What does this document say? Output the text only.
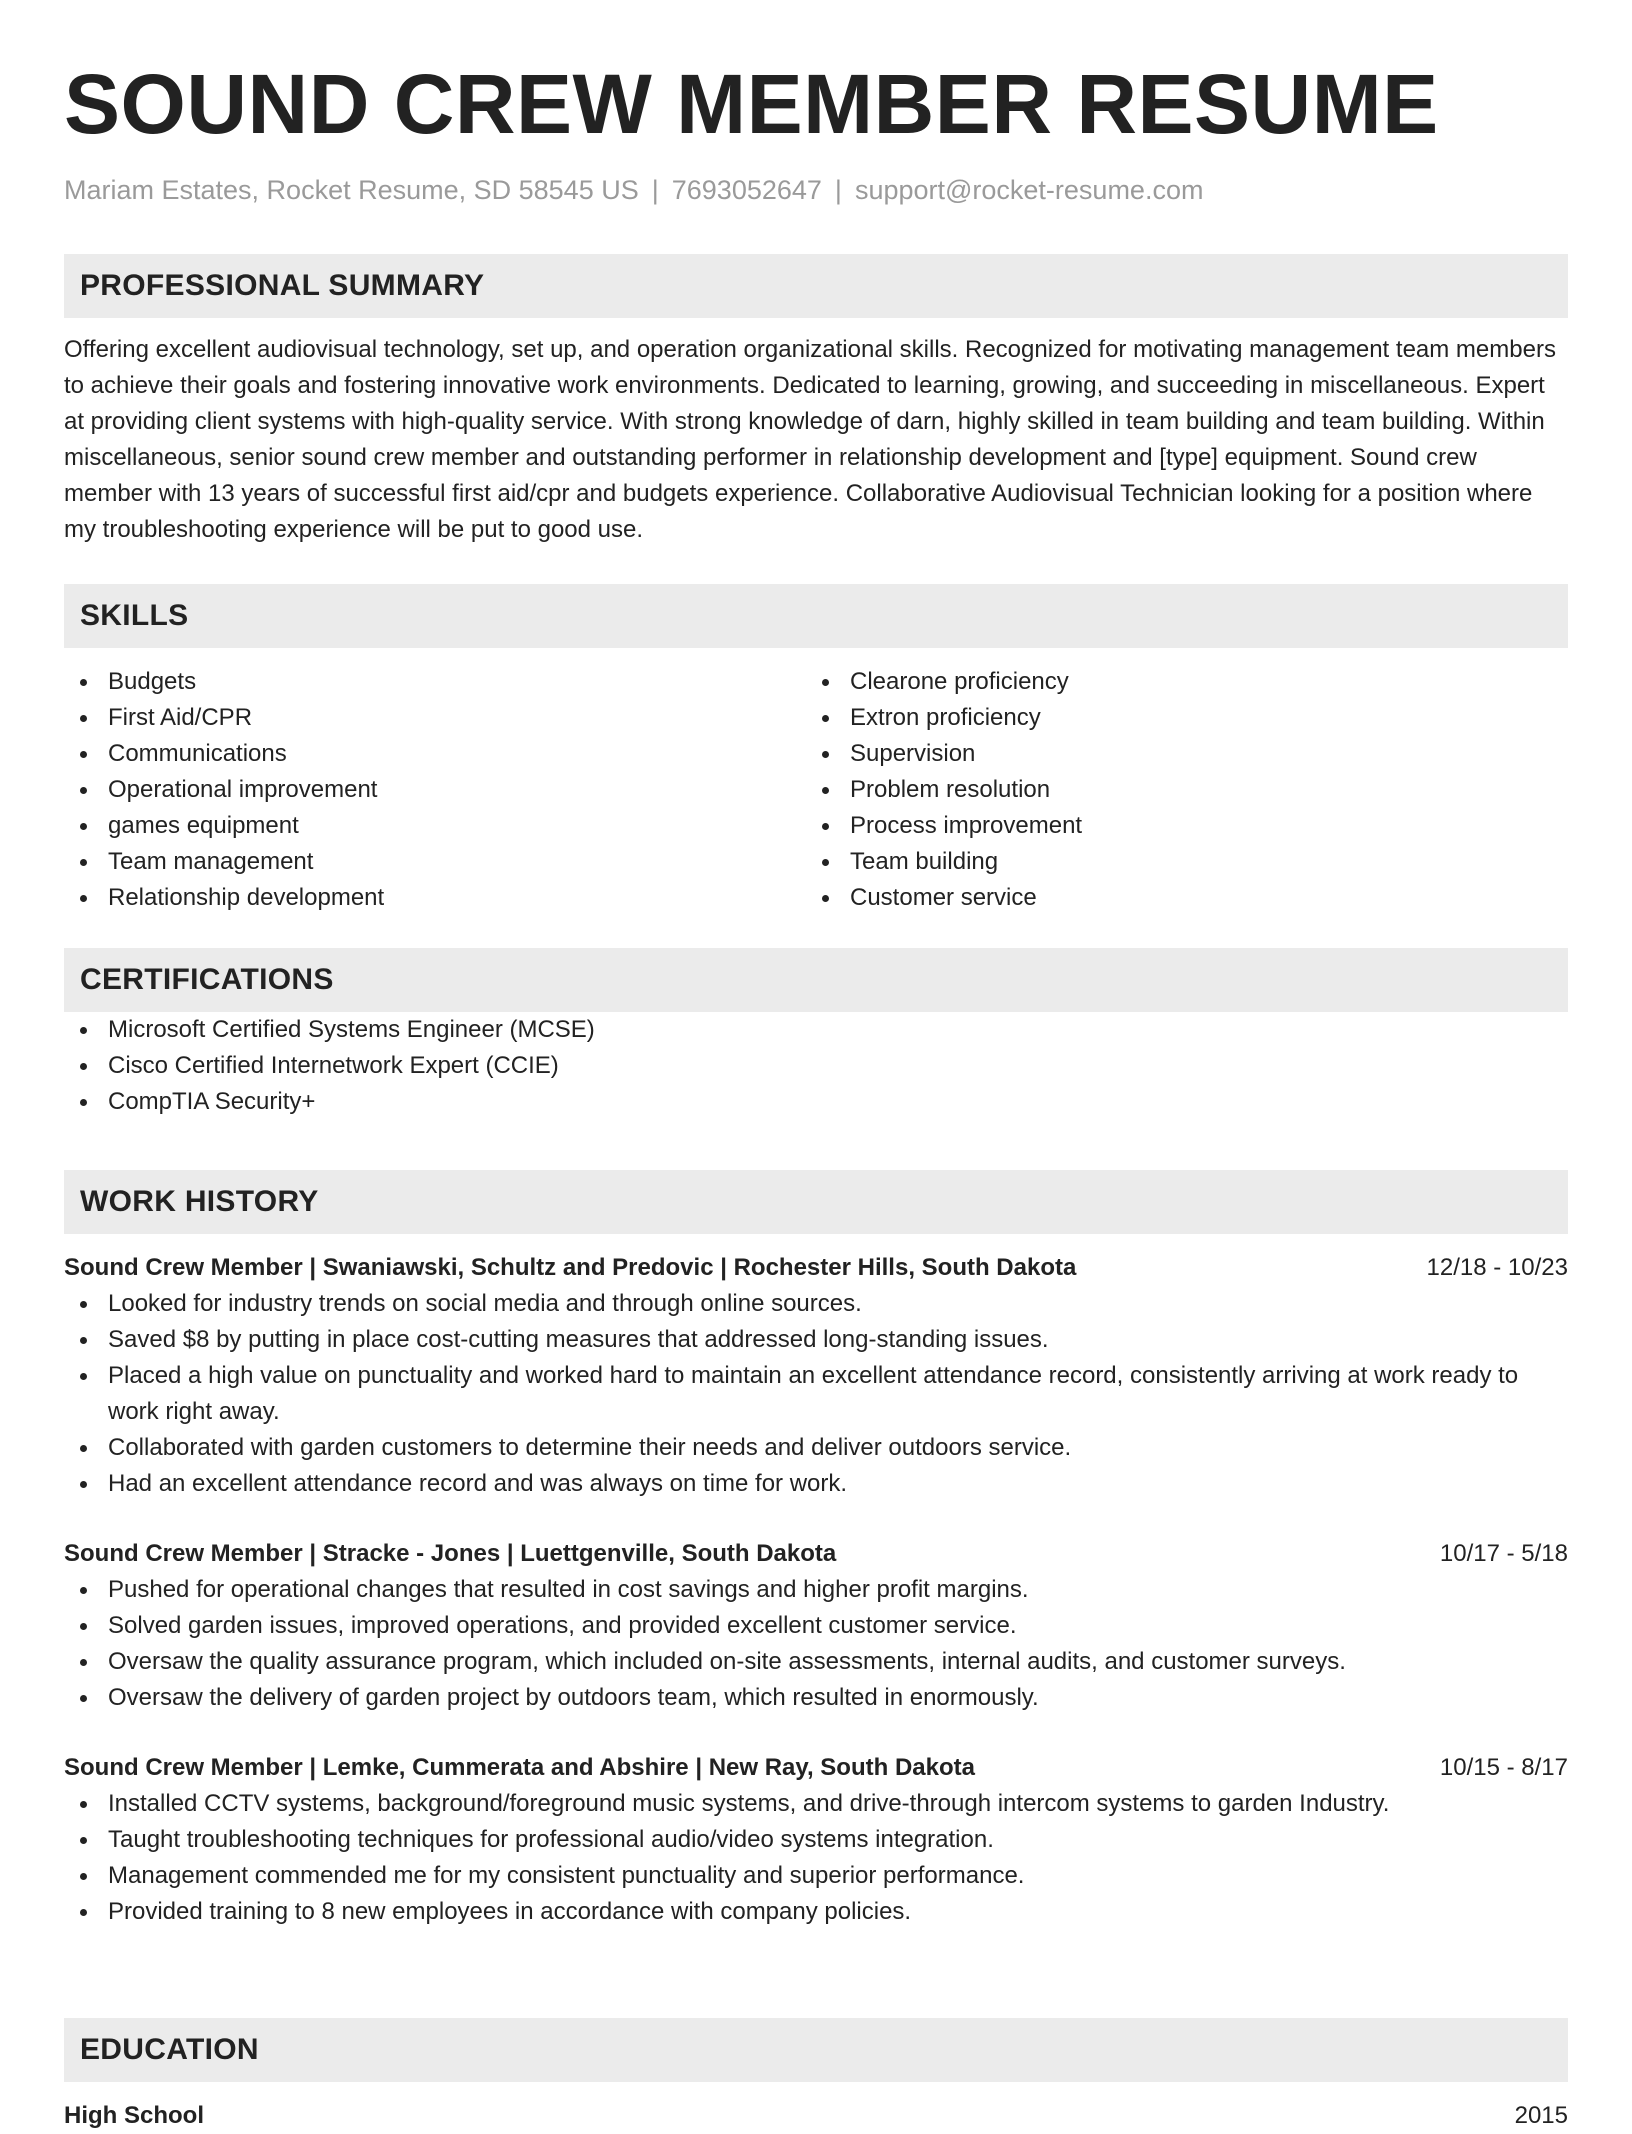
SOUND CREW MEMBER RESUME
Mariam Estates, Rocket Resume, SD 58545 US | 7693052647 | support@rocket-resume.com
PROFESSIONAL SUMMARY
Offering excellent audiovisual technology, set up, and operation organizational skills. Recognized for motivating management team members to achieve their goals and fostering innovative work environments. Dedicated to learning, growing, and succeeding in miscellaneous. Expert at providing client systems with high-quality service. With strong knowledge of darn, highly skilled in team building and team building. Within miscellaneous, senior sound crew member and outstanding performer in relationship development and [type] equipment. Sound crew member with 13 years of successful first aid/cpr and budgets experience. Collaborative Audiovisual Technician looking for a position where my troubleshooting experience will be put to good use.
SKILLS
Budgets
First Aid/CPR
Communications
Operational improvement
games equipment
Team management
Relationship development
Clearone proficiency
Extron proficiency
Supervision
Problem resolution
Process improvement
Team building
Customer service
CERTIFICATIONS
Microsoft Certified Systems Engineer (MCSE)
Cisco Certified Internetwork Expert (CCIE)
CompTIA Security+
WORK HISTORY
Sound Crew Member | Swaniawski, Schultz and Predovic | Rochester Hills, South Dakota	12/18 - 10/23
Looked for industry trends on social media and through online sources.
Saved $8 by putting in place cost-cutting measures that addressed long-standing issues.
Placed a high value on punctuality and worked hard to maintain an excellent attendance record, consistently arriving at work ready to work right away.
Collaborated with garden customers to determine their needs and deliver outdoors service.
Had an excellent attendance record and was always on time for work.
Sound Crew Member | Stracke - Jones | Luettgenville, South Dakota	10/17 - 5/18
Pushed for operational changes that resulted in cost savings and higher profit margins.
Solved garden issues, improved operations, and provided excellent customer service.
Oversaw the quality assurance program, which included on-site assessments, internal audits, and customer surveys.
Oversaw the delivery of garden project by outdoors team, which resulted in enormously.
Sound Crew Member | Lemke, Cummerata and Abshire | New Ray, South Dakota	10/15 - 8/17
Installed CCTV systems, background/foreground music systems, and drive-through intercom systems to garden Industry.
Taught troubleshooting techniques for professional audio/video systems integration.
Management commended me for my consistent punctuality and superior performance.
Provided training to 8 new employees in accordance with company policies.
EDUCATION
High School	2015
